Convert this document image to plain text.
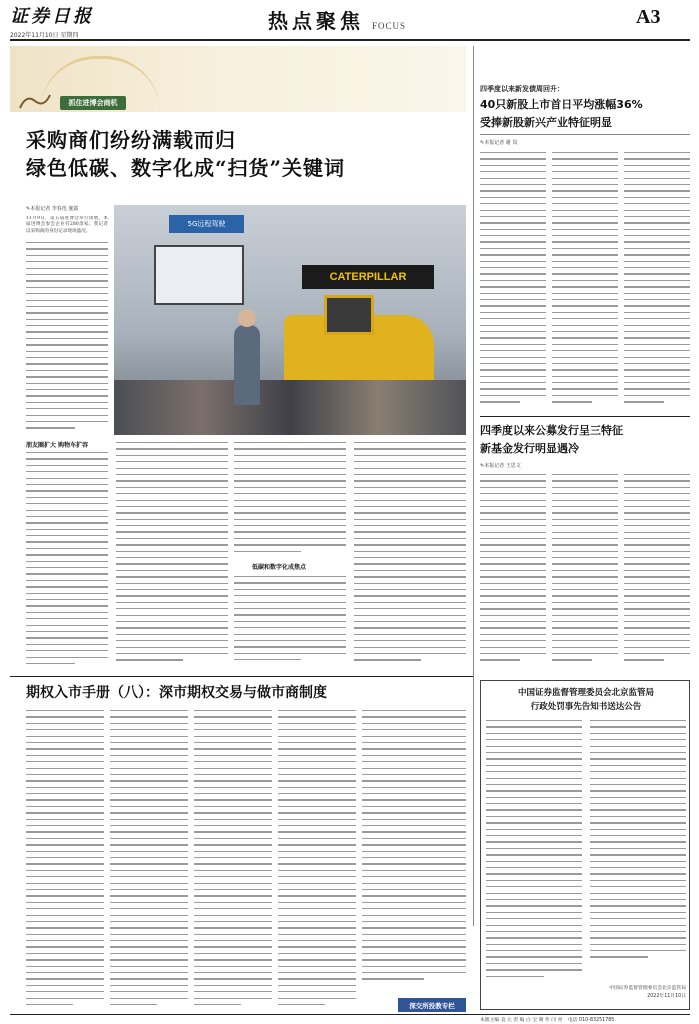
证券日报
2022年11月10日 星期四
热点聚焦 FOCUS	A3
抓住进博会商机
采购商们纷纷满载而归
绿色低碳、数字化成“扫货”关键词
✎本报记者 李春莲 施露
5G远程驾驶
CATERPILLAR

11月9日，第五届进博会举行闭展，本届进博会参会企业有280余家。我记者以采购商的身份记录现场盛况。

朋友圈扩大 购物车扩容
低碳和数字化成焦点
四季度以来新发债周回升：
40只新股上市首日平均涨幅36%
受捧新股新兴产业特征明显
✎本报记者 谢 岚
四季度以来公募发行呈三特征
新基金发行明显遇冷
✎本报记者 王思文
期权入市手册（八）：深市期权交易与做市商制度
深交所投教专栏
中国证券监督管理委员会北京监管局
行政处罚事先告知书送达公告
中国证券监督管理委员会北京监管局
2022年11月10日
本版主编 袁 元 责 编 白 宝 制 作 闫 亮 电话 010-83251785
